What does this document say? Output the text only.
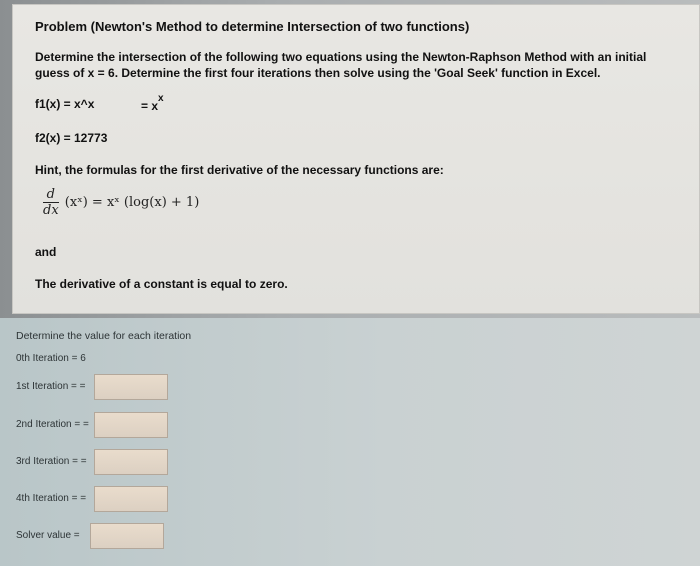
Problem (Newton's Method to determine Intersection of two functions)
Determine the intersection of the following two equations using the Newton-Raphson Method with an initial guess of x = 6. Determine the first four iterations then solve using the 'Goal Seek' function in Excel.
f1(x) = x^x	= $x^x$
f2(x) = 12773
Hint, the formulas for the first derivative of the necessary functions are:
$\frac{d}{dx}$ (xˣ) = xˣ (log(x) + 1)
and
The derivative of a constant is equal to zero.
Determine the value for each iteration
0th Iteration = 6
1st Iteration = =
2nd Iteration = =
3rd Iteration = =
4th Iteration = =
Solver value =
